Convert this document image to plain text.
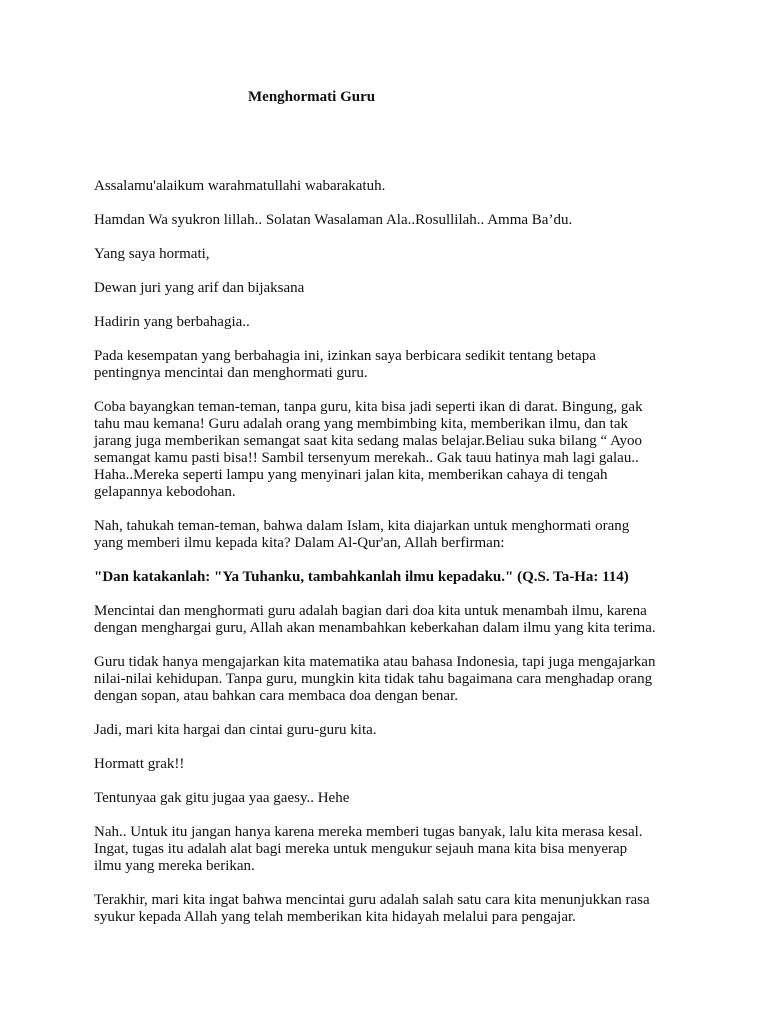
Menghormati Guru

Assalamu'alaikum warahmatullahi wabarakatuh.

Hamdan Wa syukron lillah.. Solatan Wasalaman Ala..Rosullilah.. Amma Ba’du.

Yang saya hormati,

Dewan juri yang arif dan bijaksana

Hadirin yang berbahagia..

Pada kesempatan yang berbahagia ini, izinkan saya berbicara sedikit tentang betapa
pentingnya mencintai dan menghormati guru.

Coba bayangkan teman-teman, tanpa guru, kita bisa jadi seperti ikan di darat. Bingung, gak
tahu mau kemana! Guru adalah orang yang membimbing kita, memberikan ilmu, dan tak
jarang juga memberikan semangat saat kita sedang malas belajar.Beliau suka bilang “ Ayoo
semangat kamu pasti bisa!! Sambil tersenyum merekah.. Gak tauu hatinya mah lagi galau..
Haha..Mereka seperti lampu yang menyinari jalan kita, memberikan cahaya di tengah
gelapannya kebodohan.

Nah, tahukah teman-teman, bahwa dalam Islam, kita diajarkan untuk menghormati orang
yang memberi ilmu kepada kita? Dalam Al-Qur'an, Allah berfirman:

"Dan katakanlah: "Ya Tuhanku, tambahkanlah ilmu kepadaku." (Q.S. Ta-Ha: 114)

Mencintai dan menghormati guru adalah bagian dari doa kita untuk menambah ilmu, karena
dengan menghargai guru, Allah akan menambahkan keberkahan dalam ilmu yang kita terima.

Guru tidak hanya mengajarkan kita matematika atau bahasa Indonesia, tapi juga mengajarkan
nilai-nilai kehidupan. Tanpa guru, mungkin kita tidak tahu bagaimana cara menghadap orang
dengan sopan, atau bahkan cara membaca doa dengan benar.

Jadi, mari kita hargai dan cintai guru-guru kita.

Hormatt grak!!

Tentunyaa gak gitu jugaa yaa gaesy.. Hehe

Nah.. Untuk itu jangan hanya karena mereka memberi tugas banyak, lalu kita merasa kesal.
Ingat, tugas itu adalah alat bagi mereka untuk mengukur sejauh mana kita bisa menyerap
ilmu yang mereka berikan.

Terakhir, mari kita ingat bahwa mencintai guru adalah salah satu cara kita menunjukkan rasa
syukur kepada Allah yang telah memberikan kita hidayah melalui para pengajar.
